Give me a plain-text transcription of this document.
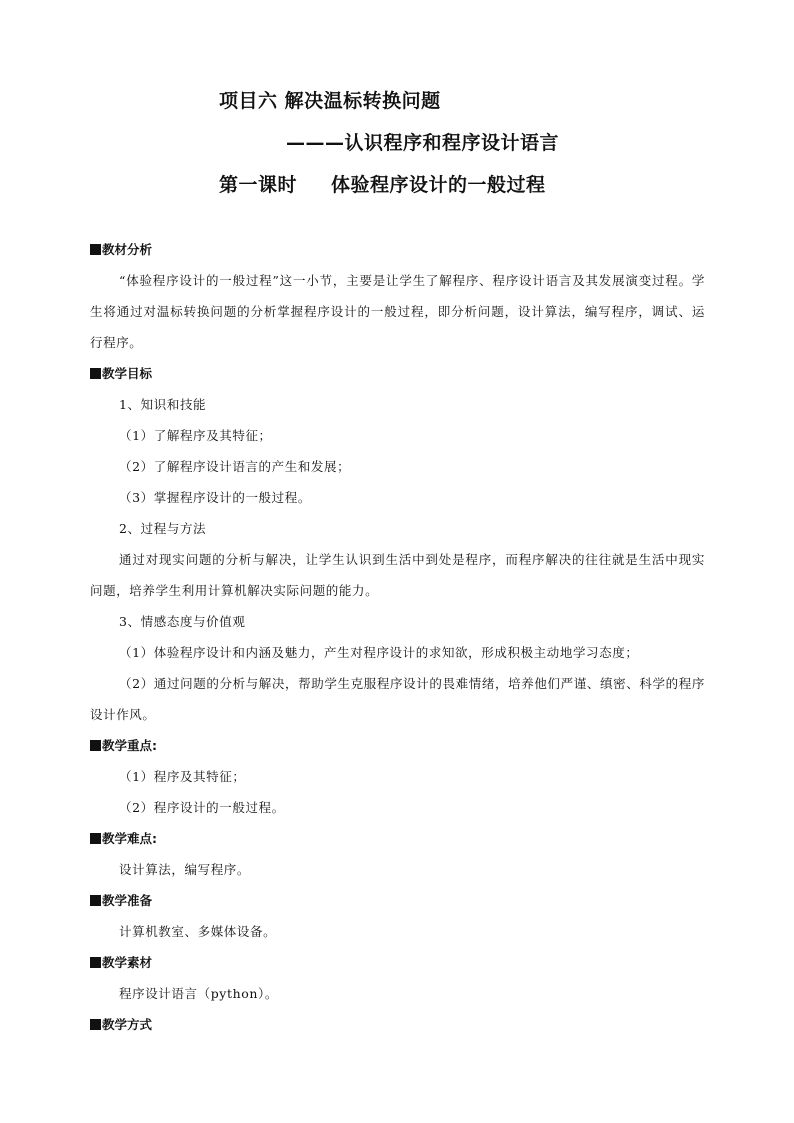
项目六 解决温标转换问题
———认识程序和程序设计语言
第一课时 体验程序设计的一般过程
教材分析
“体验程序设计的一般过程”这一小节，主要是让学生了解程序、程序设计语言及其发展演变过程。学生将通过对温标转换问题的分析掌握程序设计的一般过程，即分析问题，设计算法，编写程序，调试、运行程序。
教学目标
1、知识和技能
（1）了解程序及其特征；
（2）了解程序设计语言的产生和发展；
（3）掌握程序设计的一般过程。
2、过程与方法
通过对现实问题的分析与解决，让学生认识到生活中到处是程序，而程序解决的往往就是生活中现实问题，培养学生利用计算机解决实际问题的能力。
3、情感态度与价值观
（1）体验程序设计和内涵及魅力，产生对程序设计的求知欲，形成积极主动地学习态度；
（2）通过问题的分析与解决，帮助学生克服程序设计的畏难情绪，培养他们严谨、缜密、科学的程序设计作风。
教学重点:
（1）程序及其特征；
（2）程序设计的一般过程。
教学难点:
设计算法，编写程序。
教学准备
计算机教室、多媒体设备。
教学素材
程序设计语言（python）。
教学方式
